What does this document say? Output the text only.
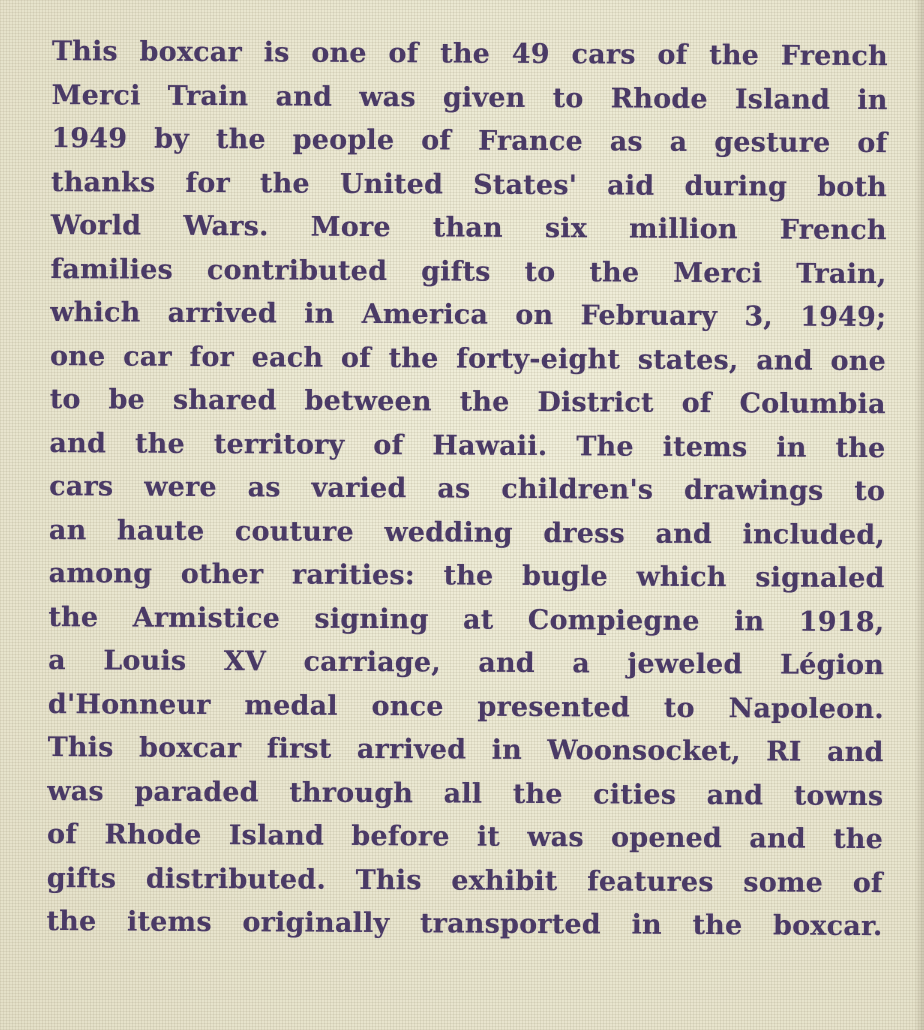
This boxcar is one of the 49 cars of the French
Merci Train and was given to Rhode Island in
1949 by the people of France as a gesture of
thanks for the United States' aid during both
World Wars. More than six million French
families contributed gifts to the Merci Train,
which arrived in America on February 3, 1949;
one car for each of the forty-eight states, and one
to be shared between the District of Columbia
and the territory of Hawaii. The items in the
cars were as varied as children's drawings to
an haute couture wedding dress and included,
among other rarities: the bugle which signaled
the Armistice signing at Compiegne in 1918,
a Louis XV carriage, and a jeweled Légion
d'Honneur medal once presented to Napoleon.
This boxcar first arrived in Woonsocket, RI and
was paraded through all the cities and towns
of Rhode Island before it was opened and the
gifts distributed. This exhibit features some of
the items originally transported in the boxcar.
